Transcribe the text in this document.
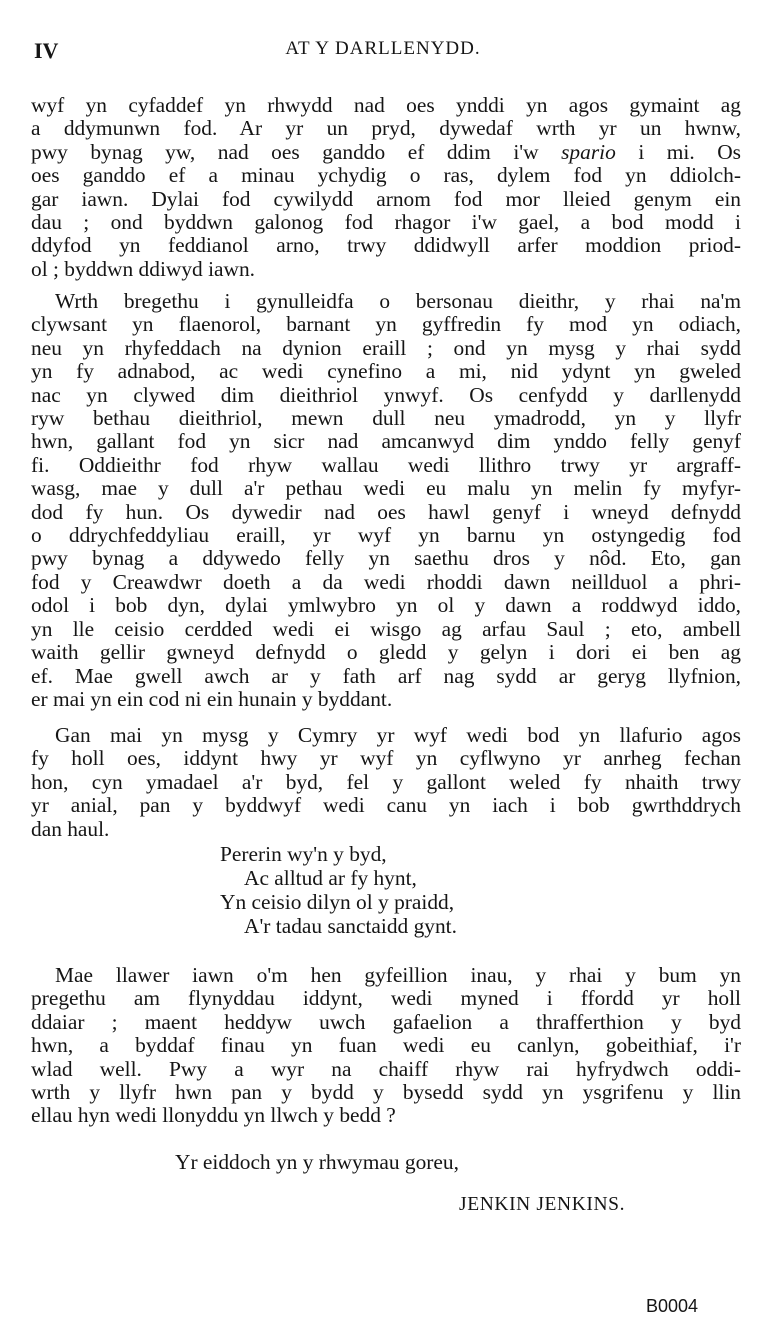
IV	AT Y DARLLENYDD.
wyf yn cyfaddef yn rhwydd nad oes ynddi yn agos gymaint ag
a ddymunwn fod. Ar yr un pryd, dywedaf wrth yr un hwnw,
pwy bynag yw, nad oes ganddo ef ddim i'w spario i mi. Os
oes ganddo ef a minau ychydig o ras, dylem fod yn ddiolch-
gar iawn. Dylai fod cywilydd arnom fod mor lleied genym ein
dau ; ond byddwn galonog fod rhagor i'w gael, a bod modd i
ddyfod yn feddianol arno, trwy ddidwyll arfer moddion priod-
ol ; byddwn ddiwyd iawn.
Wrth bregethu i gynulleidfa o bersonau dieithr, y rhai na'm
clywsant yn flaenorol, barnant yn gyffredin fy mod yn odiach,
neu yn rhyfeddach na dynion eraill ; ond yn mysg y rhai sydd
yn fy adnabod, ac wedi cynefino a mi, nid ydynt yn gweled
nac yn clywed dim dieithriol ynwyf. Os cenfydd y darllenydd
ryw bethau dieithriol, mewn dull neu ymadrodd, yn y llyfr
hwn, gallant fod yn sicr nad amcanwyd dim ynddo felly genyf
fi. Oddieithr fod rhyw wallau wedi llithro trwy yr argraff-
wasg, mae y dull a'r pethau wedi eu malu yn melin fy myfyr-
dod fy hun. Os dywedir nad oes hawl genyf i wneyd defnydd
o ddrychfeddyliau eraill, yr wyf yn barnu yn ostyngedig fod
pwy bynag a ddywedo felly yn saethu dros y nôd. Eto, gan
fod y Creawdwr doeth a da wedi rhoddi dawn neillduol a phri-
odol i bob dyn, dylai ymlwybro yn ol y dawn a roddwyd iddo,
yn lle ceisio cerdded wedi ei wisgo ag arfau Saul ; eto, ambell
waith gellir gwneyd defnydd o gledd y gelyn i dori ei ben ag
ef. Mae gwell awch ar y fath arf nag sydd ar geryg llyfnion,
er mai yn ein cod ni ein hunain y byddant.
Gan mai yn mysg y Cymry yr wyf wedi bod yn llafurio agos
fy holl oes, iddynt hwy yr wyf yn cyflwyno yr anrheg fechan
hon, cyn ymadael a'r byd, fel y gallont weled fy nhaith trwy
yr anial, pan y byddwyf wedi canu yn iach i bob gwrthddrych
dan haul.
Pererin wy'n y byd,
Ac alltud ar fy hynt,
Yn ceisio dilyn ol y praidd,
A'r tadau sanctaidd gynt.
Mae llawer iawn o'm hen gyfeillion inau, y rhai y bum yn
pregethu am flynyddau iddynt, wedi myned i ffordd yr holl
ddaiar ; maent heddyw uwch gafaelion a thrafferthion y byd
hwn, a byddaf finau yn fuan wedi eu canlyn, gobeithiaf, i'r
wlad well. Pwy a wyr na chaiff rhyw rai hyfrydwch oddi-
wrth y llyfr hwn pan y bydd y bysedd sydd yn ysgrifenu y llin
ellau hyn wedi llonyddu yn llwch y bedd ?
Yr eiddoch yn y rhwymau goreu,
JENKIN JENKINS.
B0004
